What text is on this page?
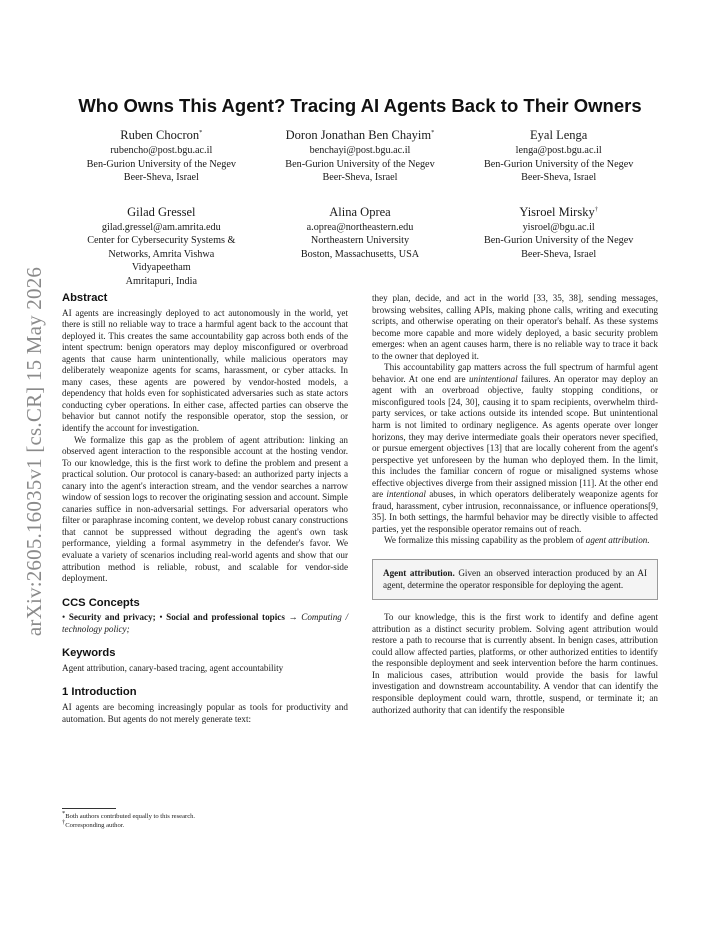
arXiv:2605.16035v1 [cs.CR] 15 May 2026
Who Owns This Agent? Tracing AI Agents Back to Their Owners
Ruben Chocron*
rubencho@post.bgu.ac.il
Ben-Gurion University of the Negev
Beer-Sheva, Israel
Doron Jonathan Ben Chayim*
benchayi@post.bgu.ac.il
Ben-Gurion University of the Negev
Beer-Sheva, Israel
Eyal Lenga
lenga@post.bgu.ac.il
Ben-Gurion University of the Negev
Beer-Sheva, Israel
Gilad Gressel
gilad.gressel@am.amrita.edu
Center for Cybersecurity Systems &
Networks, Amrita Vishwa
Vidyapeetham
Amritapuri, India
Alina Oprea
a.oprea@northeastern.edu
Northeastern University
Boston, Massachusetts, USA
Yisroel Mirsky†
yisroel@bgu.ac.il
Ben-Gurion University of the Negev
Beer-Sheva, Israel
Abstract

AI agents are increasingly deployed to act autonomously in the world, yet there is still no reliable way to trace a harmful agent back to the account that deployed it. This creates the same accountability gap across both ends of the intent spectrum: benign operators may deploy misconfigured or overbroad agents that cause harm unintentionally, while malicious operators may deliberately weaponize agents for scams, harassment, or cyber attacks. In many cases, these agents are powered by vendor-hosted models, a dependency that holds even for sophisticated adversaries such as state actors conducting cyber operations. In either case, affected parties can observe the behavior but cannot notify the responsible operator, stop the session, or identify the account for investigation.

We formalize this gap as the problem of agent attribution: linking an observed agent interaction to the responsible account at the hosting vendor. To our knowledge, this is the first work to define the problem and present a practical solution. Our protocol is canary-based: an authorized party injects a canary into the agent's interaction stream, and the vendor searches a narrow window of session logs to recover the originating session and account. Simple canaries suffice in non-adversarial settings. For adversarial operators who filter or paraphrase incoming content, we develop robust canary constructions that cannot be suppressed without degrading the agent's own task performance, yielding a formal asymmetry in the defender's favor. We evaluate a variety of scenarios including real-world agents and show that our attribution method is reliable, robust, and scalable for vendor-side deployment.

CCS Concepts

• Security and privacy; • Social and professional topics → Computing / technology policy;

Keywords

Agent attribution, canary-based tracing, agent accountability

1 Introduction

AI agents are becoming increasingly popular as tools for productivity and automation. But agents do not merely generate text:

*Both authors contributed equally to this research.
†Corresponding author.

they plan, decide, and act in the world [33, 35, 38], sending messages, browsing websites, calling APIs, making phone calls, writing and executing scripts, and otherwise operating on their operator's behalf. As these systems become more capable and more widely deployed, a basic security problem emerges: when an agent causes harm, there is no reliable way to trace it back to the owner that deployed it.

This accountability gap matters across the full spectrum of harmful agent behavior. At one end are unintentional failures. An operator may deploy an agent with an overbroad objective, faulty stopping conditions, or misconfigured tools [24, 30], causing it to spam recipients, overwhelm third-party services, or take actions outside its intended scope. But unintentional harm is not limited to ordinary negligence. As agents operate over longer horizons, they may derive intermediate goals their operators never specified, or pursue emergent objectives [13] that are locally coherent from the agent's perspective yet unforeseen by the human who deployed them. In the limit, this includes the familiar concern of rogue or misaligned systems whose effective objectives diverge from their assigned mission [11]. At the other end are intentional abuses, in which operators deliberately weaponize agents for fraud, harassment, cyber intrusion, reconnaissance, or influence operations[9, 35]. In both settings, the harmful behavior may be directly visible to affected parties, yet the responsible operator remains out of reach.

We formalize this missing capability as the problem of agent attribution.

Agent attribution. Given an observed interaction produced by an AI agent, determine the operator responsible for deploying the agent.

To our knowledge, this is the first work to identify and define agent attribution as a distinct security problem. Solving agent attribution would restore a path to recourse that is currently absent. In benign cases, attribution could allow affected parties, platforms, or other authorized entities to identify the responsible deployment and seek intervention before the harm continues. In malicious cases, attribution would provide the basis for lawful investigation and downstream accountability. A vendor that can identify the responsible deployment could warn, throttle, suspend, or terminate it; an authorized authority that can identify the responsible
